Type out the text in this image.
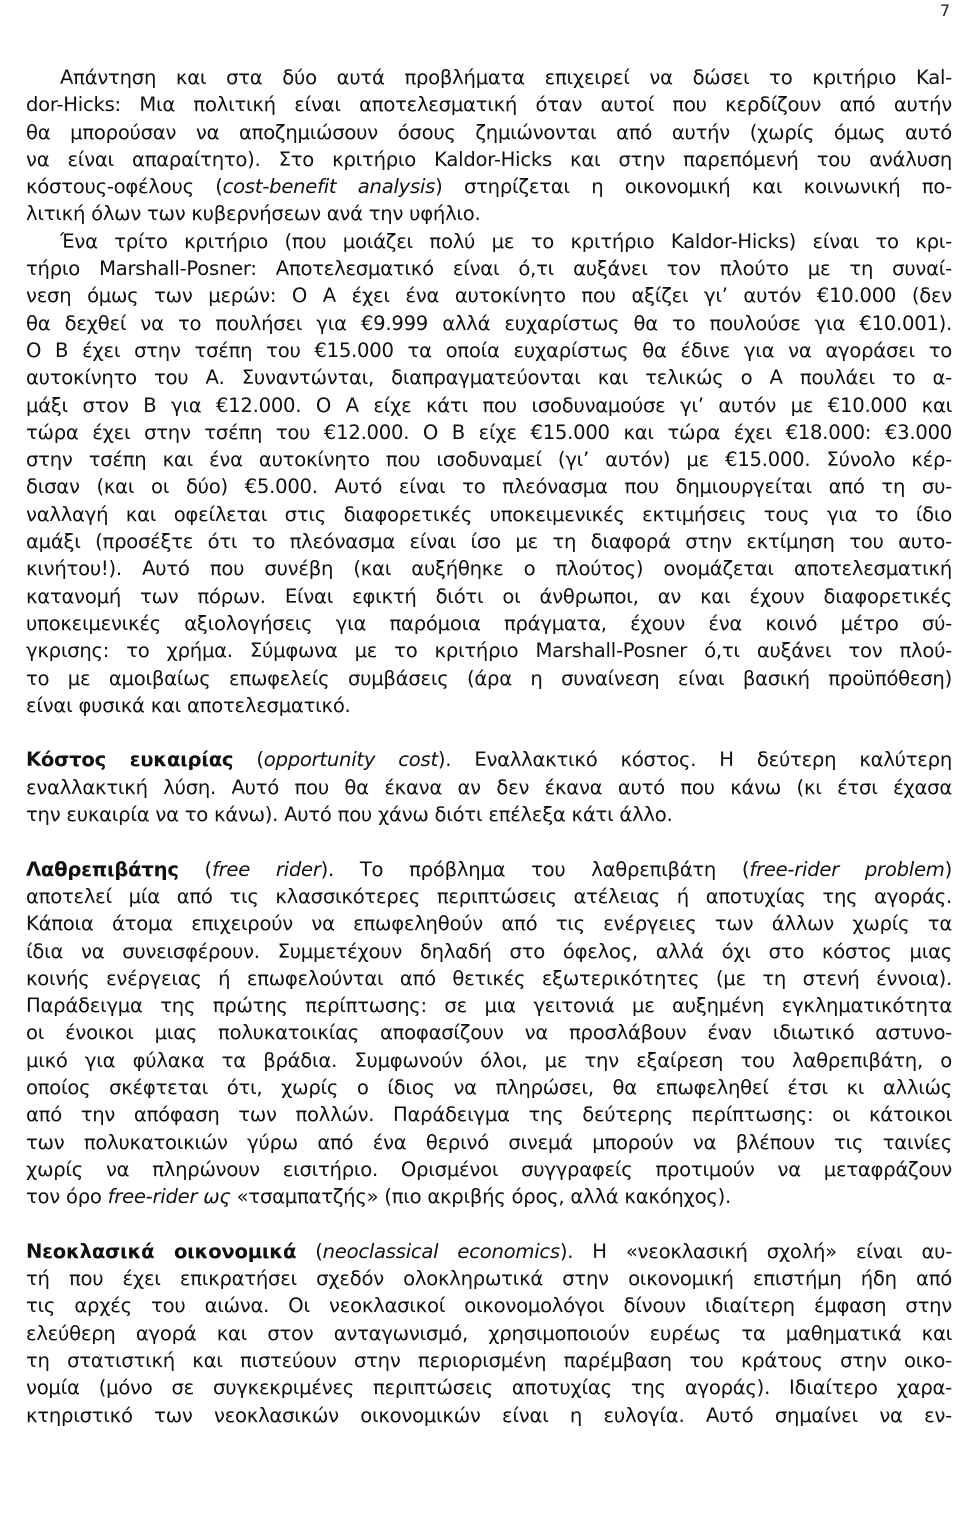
7
Απάντηση και στα δύο αυτά προβλήματα επιχειρεί να δώσει το κριτήριο Kal-
dor-Hicks: Μια πολιτική είναι αποτελεσματική όταν αυτοί που κερδίζουν από αυτήν
θα μπορούσαν να αποζημιώσουν όσους ζημιώνονται από αυτήν (χωρίς όμως αυτό
να είναι απαραίτητο). Στο κριτήριο Kaldor-Hicks και στην παρεπόμενή του ανάλυση
κόστους-οφέλους (cost-benefit analysis) στηρίζεται η οικονομική και κοινωνική πο-
λιτική όλων των κυβερνήσεων ανά την υφήλιο.
Ένα τρίτο κριτήριο (που μοιάζει πολύ με το κριτήριο Kaldor-Hicks) είναι το κρι-
τήριο Marshall-Posner: Αποτελεσματικό είναι ό,τι αυξάνει τον πλούτο με τη συναί-
νεση όμως των μερών: Ο Α έχει ένα αυτοκίνητο που αξίζει γι’ αυτόν €10.000 (δεν
θα δεχθεί να το πουλήσει για €9.999 αλλά ευχαρίστως θα το πουλούσε για €10.001).
Ο Β έχει στην τσέπη του €15.000 τα οποία ευχαρίστως θα έδινε για να αγοράσει το
αυτοκίνητο του Α. Συναντώνται, διαπραγματεύονται και τελικώς ο Α πουλάει το α-
μάξι στον Β για €12.000. Ο Α είχε κάτι που ισοδυναμούσε γι’ αυτόν με €10.000 και
τώρα έχει στην τσέπη του €12.000. Ο Β είχε €15.000 και τώρα έχει €18.000: €3.000
στην τσέπη και ένα αυτοκίνητο που ισοδυναμεί (γι’ αυτόν) με €15.000. Σύνολο κέρ-
δισαν (και οι δύο) €5.000. Αυτό είναι το πλεόνασμα που δημιουργείται από τη συ-
ναλλαγή και οφείλεται στις διαφορετικές υποκειμενικές εκτιμήσεις τους για το ίδιο
αμάξι (προσέξτε ότι το πλεόνασμα είναι ίσο με τη διαφορά στην εκτίμηση του αυτο-
κινήτου!). Αυτό που συνέβη (και αυξήθηκε ο πλούτος) ονομάζεται αποτελεσματική
κατανομή των πόρων. Είναι εφικτή διότι οι άνθρωποι, αν και έχουν διαφορετικές
υποκειμενικές αξιολογήσεις για παρόμοια πράγματα, έχουν ένα κοινό μέτρο σύ-
γκρισης: το χρήμα. Σύμφωνα με το κριτήριο Marshall-Posner ό,τι αυξάνει τον πλού-
το με αμοιβαίως επωφελείς συμβάσεις (άρα η συναίνεση είναι βασική προϋπόθεση)
είναι φυσικά και αποτελεσματικό.
Κόστος ευκαιρίας (opportunity cost). Εναλλακτικό κόστος. Η δεύτερη καλύτερη
εναλλακτική λύση. Αυτό που θα έκανα αν δεν έκανα αυτό που κάνω (κι έτσι έχασα
την ευκαιρία να το κάνω). Αυτό που χάνω διότι επέλεξα κάτι άλλο.
Λαθρεπιβάτης (free rider). Το πρόβλημα του λαθρεπιβάτη (free-rider problem)
αποτελεί μία από τις κλασσικότερες περιπτώσεις ατέλειας ή αποτυχίας της αγοράς.
Κάποια άτομα επιχειρούν να επωφεληθούν από τις ενέργειες των άλλων χωρίς τα
ίδια να συνεισφέρουν. Συμμετέχουν δηλαδή στο όφελος, αλλά όχι στο κόστος μιας
κοινής ενέργειας ή επωφελούνται από θετικές εξωτερικότητες (με τη στενή έννοια).
Παράδειγμα της πρώτης περίπτωσης: σε μια γειτονιά με αυξημένη εγκληματικότητα
οι ένοικοι μιας πολυκατοικίας αποφασίζουν να προσλάβουν έναν ιδιωτικό αστυνο-
μικό για φύλακα τα βράδια. Συμφωνούν όλοι, με την εξαίρεση του λαθρεπιβάτη, ο
οποίος σκέφτεται ότι, χωρίς ο ίδιος να πληρώσει, θα επωφεληθεί έτσι κι αλλιώς
από την απόφαση των πολλών. Παράδειγμα της δεύτερης περίπτωσης: οι κάτοικοι
των πολυκατοικιών γύρω από ένα θερινό σινεμά μπορούν να βλέπουν τις ταινίες
χωρίς να πληρώνουν εισιτήριο. Ορισμένοι συγγραφείς προτιμούν να μεταφράζουν
τον όρο free-rider ως «τσαμπατζής» (πιο ακριβής όρος, αλλά κακόηχος).
Νεοκλασικά οικονομικά (neoclassical economics). Η «νεοκλασική σχολή» είναι αυ-
τή που έχει επικρατήσει σχεδόν ολοκληρωτικά στην οικονομική επιστήμη ήδη από
τις αρχές του αιώνα. Οι νεοκλασικοί οικονομολόγοι δίνουν ιδιαίτερη έμφαση στην
ελεύθερη αγορά και στον ανταγωνισμό, χρησιμοποιούν ευρέως τα μαθηματικά και
τη στατιστική και πιστεύουν στην περιορισμένη παρέμβαση του κράτους στην οικο-
νομία (μόνο σε συγκεκριμένες περιπτώσεις αποτυχίας της αγοράς). Ιδιαίτερο χαρα-
κτηριστικό των νεοκλασικών οικονομικών είναι η ευλογία. Αυτό σημαίνει να εν-
